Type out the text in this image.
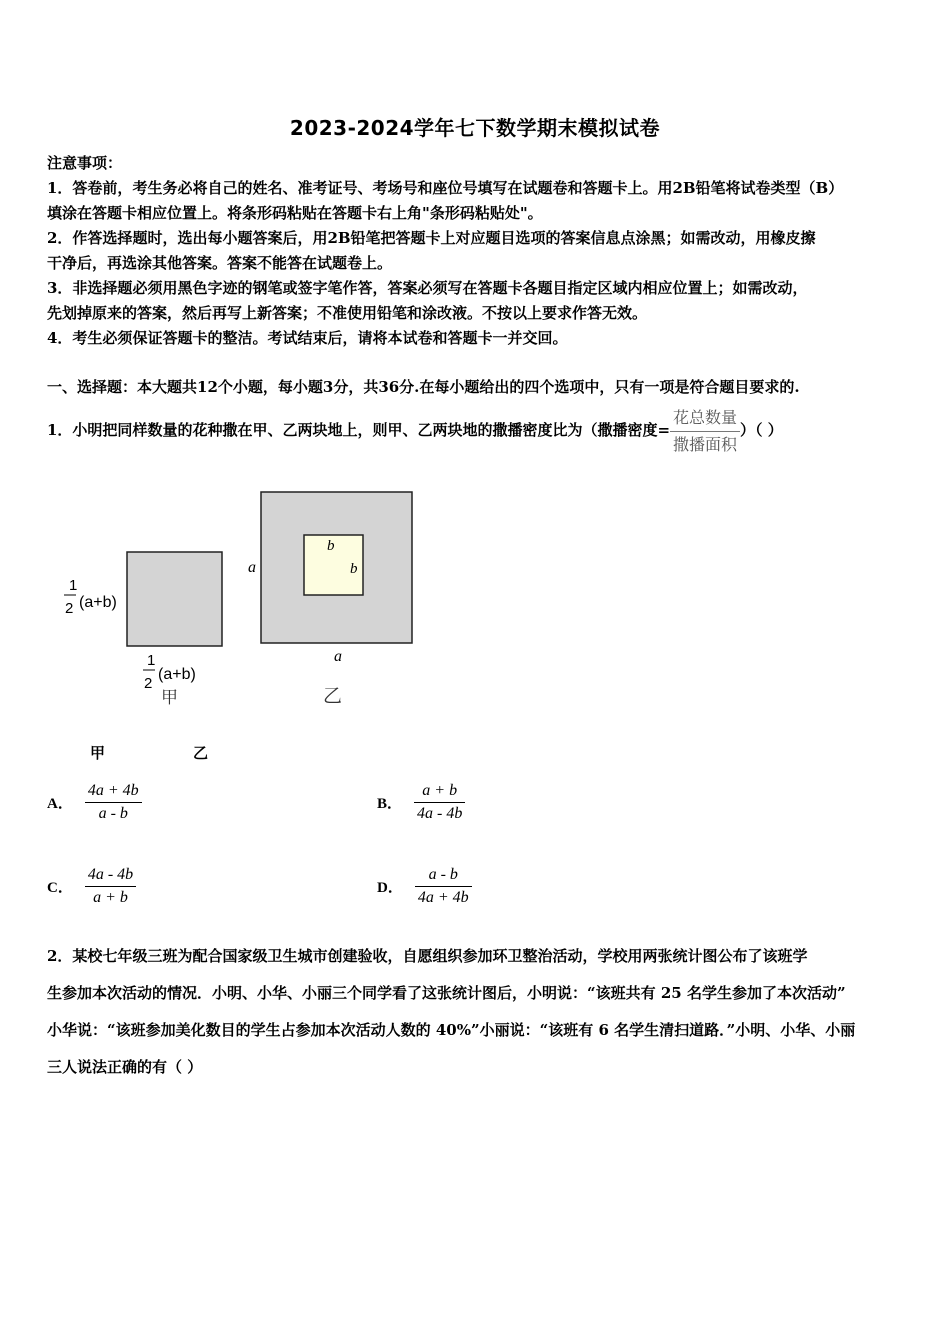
2023-2024学年七下数学期末模拟试卷
注意事项：
1．答卷前，考生务必将自己的姓名、准考证号、考场号和座位号填写在试题卷和答题卡上。用2B铅笔将试卷类型（B）
填涂在答题卡相应位置上。将条形码粘贴在答题卡右上角"条形码粘贴处"。
2．作答选择题时，选出每小题答案后，用2B铅笔把答题卡上对应题目选项的答案信息点涂黑；如需改动，用橡皮擦
干净后，再选涂其他答案。答案不能答在试题卷上。
3．非选择题必须用黑色字迹的钢笔或签字笔作答，答案必须写在答题卡各题目指定区域内相应位置上；如需改动，
先划掉原来的答案，然后再写上新答案；不准使用铅笔和涂改液。不按以上要求作答无效。
4．考生必须保证答题卡的整洁。考试结束后，请将本试卷和答题卡一并交回。
一、选择题：本大题共12个小题，每小题3分，共36分.在每小题给出的四个选项中，只有一项是符合题目要求的.
1．小明把同样数量的花种撒在甲、乙两块地上，则甲、乙两块地的撒播密度比为（撒播密度= $\frac{\text{花总数量}}{\text{撒播面积}}$ ）（ ）
1
2 (a+b)
1
2
(a+b)
甲
a
a
b
b
乙
甲	乙
A． $\frac{4a + 4b}{a - b}$	B． $\frac{a + b}{4a - 4b}$
C． $\frac{4a - 4b}{a + b}$	D． $\frac{a - b}{4a + 4b}$
2．某校七年级三班为配合国家级卫生城市创建验收，自愿组织参加环卫整治活动，学校用两张统计图公布了该班学
生参加本次活动的情况．小明、小华、小丽三个同学看了这张统计图后，小明说：“该班共有 25 名学生参加了本次活动”
小华说：“该班参加美化数目的学生占参加本次活动人数的 40%”小丽说：“该班有 6 名学生清扫道路．”小明、小华、小丽
三人说法正确的有（ ）
